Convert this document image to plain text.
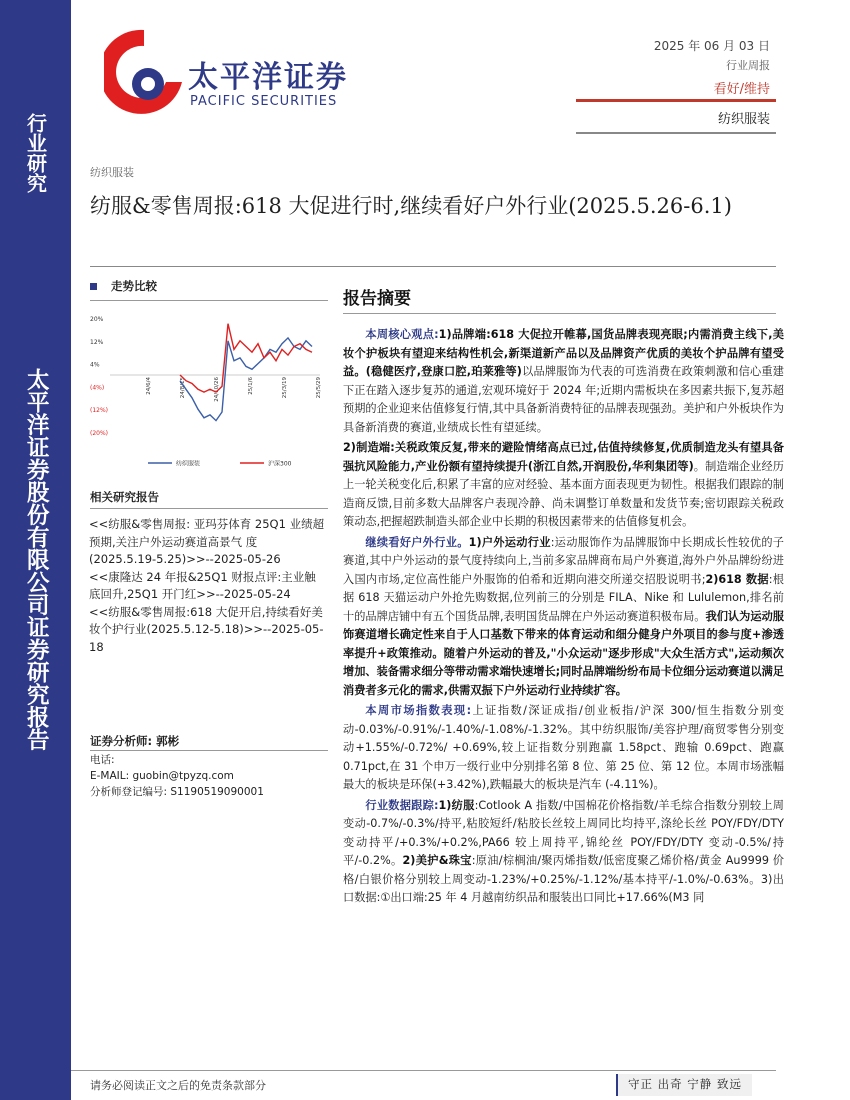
行业研究
太平洋证券股份有限公司证券研究报告
太平洋证券
PACIFIC SECURITIES
2025 年 06 月 03 日
行业周报
看好/维持
纺织服装
纺织服装
纺服&零售周报:618 大促进行时,继续看好户外行业(2025.5.26-6.1)
走势比较
20%
12%
4%
(4%)
(12%)
(20%)
24/6/4	24/8/15	24/10/26	25/1/6	25/3/19	25/5/29
纺织服装	沪深300
相关研究报告
<<纺服&零售周报: 亚玛芬体育 25Q1 业绩超预期,关注户外运动赛道高景气 度 (2025.5.19-5.25)>>--2025-05-26
<<康隆达 24 年报&25Q1 财报点评:主业触底回升,25Q1 开门红>>--2025-05-24
<<纺服&零售周报:618 大促开启,持续看好美妆个护行业(2025.5.12-5.18)>>--2025-05-18
证券分析师: 郭彬
电话:
E-MAIL: guobin@tpyzq.com
分析师登记编号: S1190519090001
报告摘要

本周核心观点:1)品牌端:618 大促拉开帷幕,国货品牌表现亮眼;内需消费主线下,美妆个护板块有望迎来结构性机会,新渠道新产品以及品牌资产优质的美妆个护品牌有望受益。(稳健医疗,登康口腔,珀莱雅等)以品牌服饰为代表的可选消费在政策刺激和信心重建下正在踏入逐步复苏的通道,宏观环境好于 2024 年;近期内需板块在多因素共振下,复苏超预期的企业迎来估值修复行情,其中具备新消费特征的品牌表现强劲。美护和户外板块作为具备新消费的赛道,业绩成长性有望延续。

2)制造端:关税政策反复,带来的避险情绪高点已过,估值持续修复,优质制造龙头有望具备强抗风险能力,产业份额有望持续提升(浙江自然,开润股份,华利集团等)。制造端企业经历上一轮关税变化后,积累了丰富的应对经验、基本面方面表现更为韧性。根据我们跟踪的制造商反馈,目前多数大品牌客户表现冷静、尚未调整订单数量和发货节奏;密切跟踪关税政策动态,把握超跌制造头部企业中长期的积极因素带来的估值修复机会。

继续看好户外行业。1)户外运动行业:运动服饰作为品牌服饰中长期成长性较优的子赛道,其中户外运动的景气度持续向上,当前多家品牌商布局户外赛道,海外户外品牌纷纷进入国内市场,定位高性能户外服饰的伯希和近期向港交所递交招股说明书;2)618 数据:根据 618 天猫运动户外抢先购数据,位列前三的分别是 FILA、Nike 和 Lululemon,排名前十的品牌店铺中有五个国货品牌,表明国货品牌在户外运动赛道积极布局。我们认为运动服饰赛道增长确定性来自于人口基数下带来的体育运动和细分健身户外项目的参与度+渗透率提升+政策推动。随着户外运动的普及,"小众运动"逐步形成"大众生活方式",运动频次增加、装备需求细分等带动需求端快速增长;同时品牌端纷纷布局卡位细分运动赛道以满足消费者多元化的需求,供需双振下户外运动行业持续扩容。

本周市场指数表现:上证指数/深证成指/创业板指/沪深 300/恒生指数分别变动-0.03%/-0.91%/-1.40%/-1.08%/-1.32%。其中纺织服饰/美容护理/商贸零售分别变动+1.55%/-0.72%/ +0.69%,较上证指数分别跑赢 1.58pct、跑输 0.69pct、跑赢 0.71pct,在 31 个申万一级行业中分别排名第 8 位、第 25 位、第 12 位。本周市场涨幅最大的板块是环保(+3.42%),跌幅最大的板块是汽车 (-4.11%)。

行业数据跟踪:1)纺服:Cotlook A 指数/中国棉花价格指数/羊毛综合指数分别较上周变动-0.7%/-0.3%/持平,粘胶短纤/粘胶长丝较上周同比均持平,涤纶长丝 POY/FDY/DTY 变动持平/+0.3%/+0.2%,PA66 较上周持平,锦纶丝 POY/FDY/DTY 变动-0.5%/持平/-0.2%。2)美护&珠宝:原油/棕榈油/聚丙烯指数/低密度聚乙烯价格/黄金 Au9999 价格/白银价格分别较上周变动-1.23%/+0.25%/-1.12%/基本持平/-1.0%/-0.63%。3)出口数据:①出口端:25 年 4 月越南纺织品和服装出口同比+17.66%(M3 同

请务必阅读正文之后的免责条款部分	守正 出奇 宁静 致远
